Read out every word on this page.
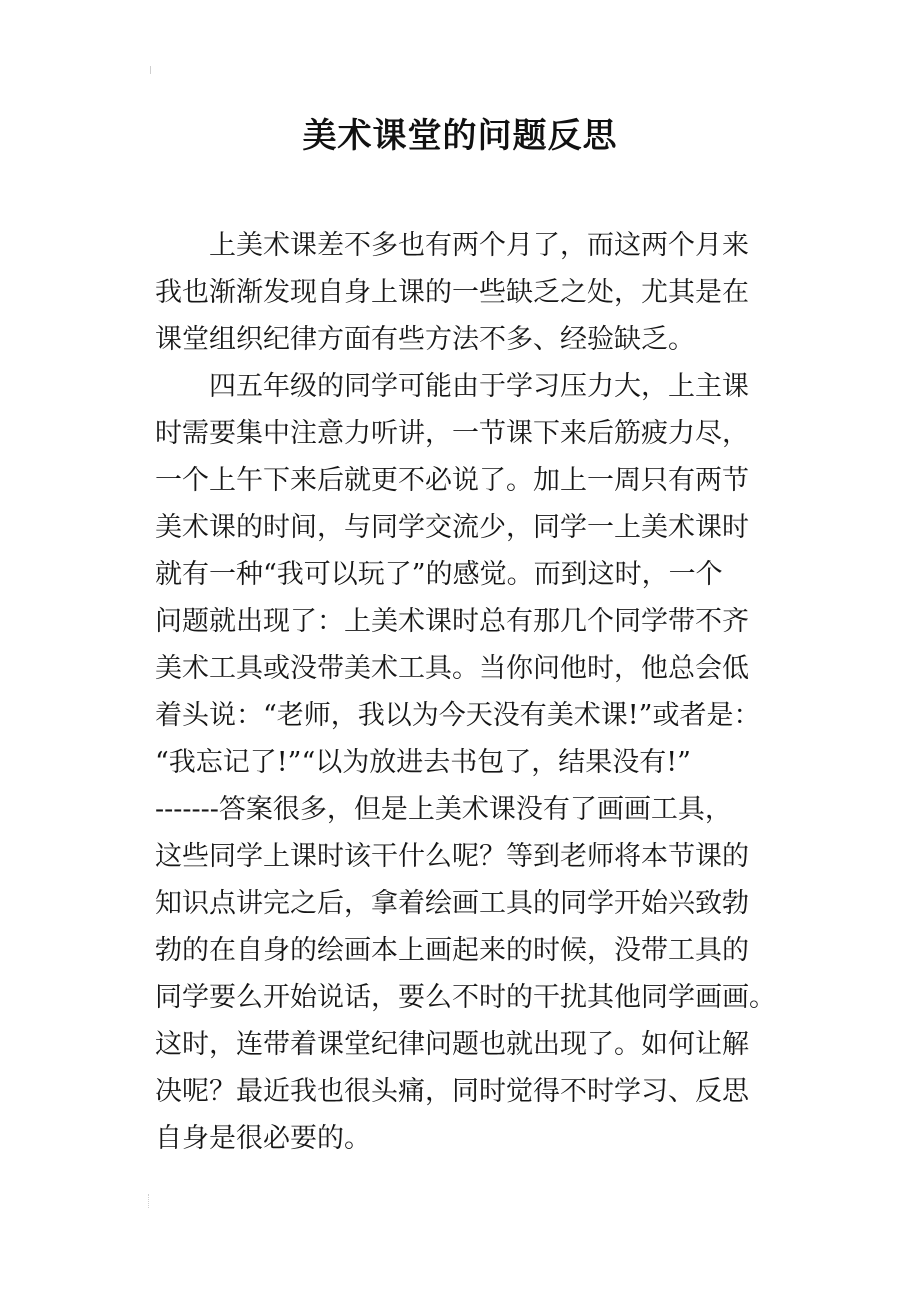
美术课堂的问题反思

上美术课差不多也有两个月了，而这两个月来
我也渐渐发现自身上课的一些缺乏之处，尤其是在
课堂组织纪律方面有些方法不多、经验缺乏。

四五年级的同学可能由于学习压力大，上主课
时需要集中注意力听讲，一节课下来后筋疲力尽，
一个上午下来后就更不必说了。加上一周只有两节
美术课的时间，与同学交流少，同学一上美术课时
就有一种“我可以玩了”的感觉。而到这时，一个
问题就出现了：上美术课时总有那几个同学带不齐
美术工具或没带美术工具。当你问他时，他总会低
着头说：“老师，我以为今天没有美术课!”或者是：
“我忘记了!”“以为放进去书包了，结果没有!”
-------答案很多，但是上美术课没有了画画工具，
这些同学上课时该干什么呢？等到老师将本节课的
知识点讲完之后，拿着绘画工具的同学开始兴致勃
勃的在自身的绘画本上画起来的时候，没带工具的
同学要么开始说话，要么不时的干扰其他同学画画。
这时，连带着课堂纪律问题也就出现了。如何让解
决呢？最近我也很头痛，同时觉得不时学习、反思
自身是很必要的。
